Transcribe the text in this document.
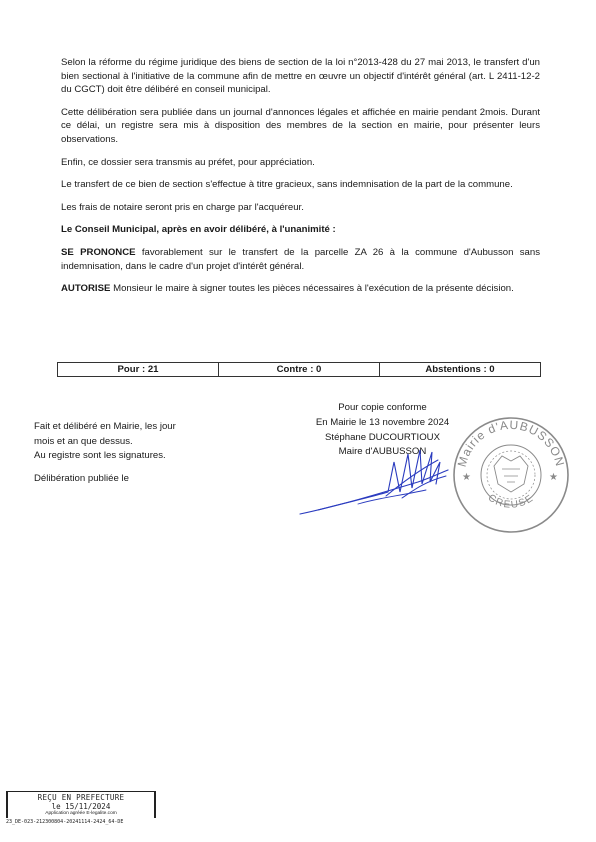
Selon la réforme du régime juridique des biens de section de la loi n°2013-428 du 27 mai 2013, le transfert d'un bien sectional à l'initiative de la commune afin de mettre en œuvre un objectif d'intérêt général (art. L 2411-12-2 du CGCT) doit être délibéré en conseil municipal.

Cette délibération sera publiée dans un journal d'annonces légales et affichée en mairie pendant 2mois. Durant ce délai, un registre sera mis à disposition des membres de la section en mairie, pour présenter leurs observations.

Enfin, ce dossier sera transmis au préfet, pour appréciation.

Le transfert de ce bien de section s'effectue à titre gracieux, sans indemnisation de la part de la commune.

Les frais de notaire seront pris en charge par l'acquéreur.

Le Conseil Municipal, après en avoir délibéré, à l'unanimité :

SE PRONONCE favorablement sur le transfert de la parcelle ZA 26 à la commune d'Aubusson sans indemnisation, dans le cadre d'un projet d'intérêt général.

AUTORISE Monsieur le maire à signer toutes les pièces nécessaires à l'exécution de la présente décision.

Pour : 21	Contre : 0	Abstentions : 0
Fait et délibéré en Mairie, les jour
mois et an que dessus.
Au registre sont les signatures.
Délibération publiée le
Pour copie conforme
En Mairie le 13 novembre 2024
Stéphane DUCOURTIOUX
Maire d'AUBUSSON
Mairie d'AUBUSSON
CREUSE
★	★
REÇU EN PREFECTURE
le 15/11/2024
Application agréée E-legalite.com
23_DE-023-212300804-20241114-2424_64-DE
